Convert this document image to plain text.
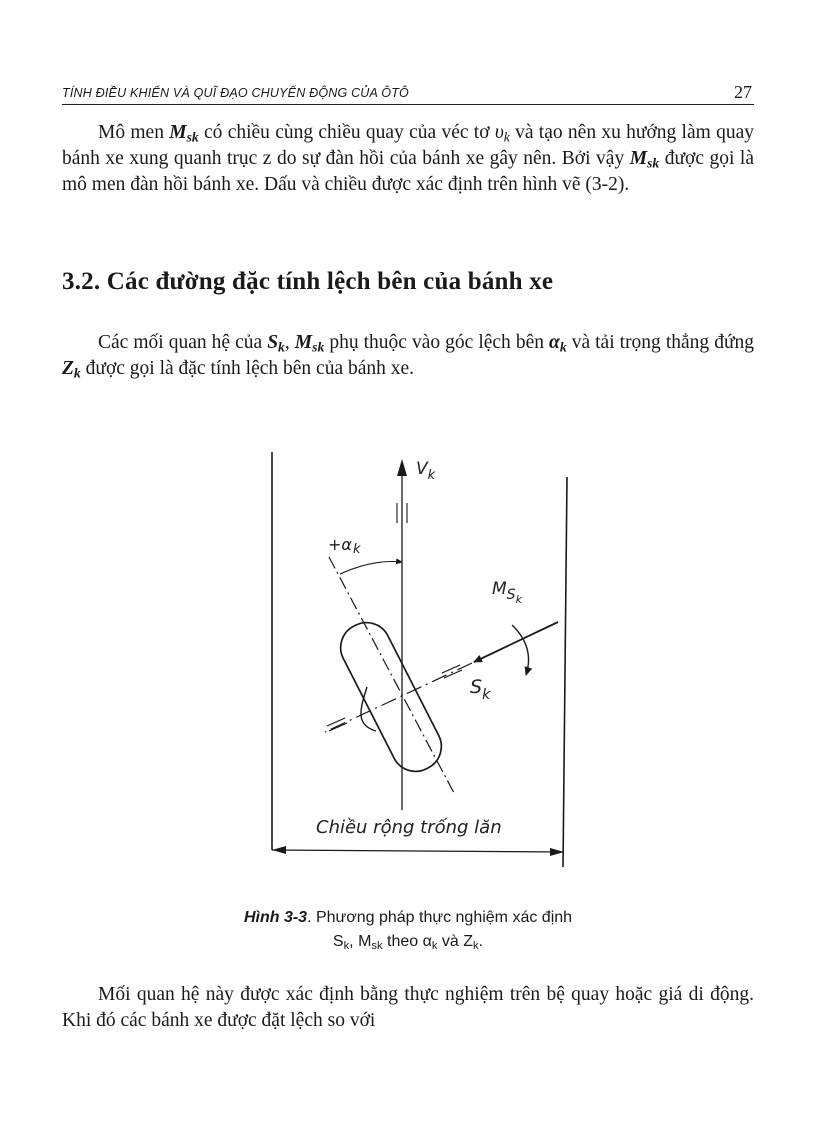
TÍNH ĐIỀU KHIỂN VÀ QUĨ ĐẠO CHUYỂN ĐỘNG CỦA ÔTÔ	27

Mô men $M_{sk}$ có chiều cùng chiều quay của véc tơ $\upsilon_k$ và tạo nên xu hướng làm quay bánh xe xung quanh trục z do sự đàn hồi của bánh xe gây nên. Bởi vậy $M_{sk}$ được gọi là mô men đàn hồi bánh xe. Dấu và chiều được xác định trên hình vẽ (3-2).

3.2. Các đường đặc tính lệch bên của bánh xe

Các mối quan hệ của $S_k$, $M_{sk}$ phụ thuộc vào góc lệch bên $\alpha_k$ và tải trọng thẳng đứng $Z_k$ được gọi là đặc tính lệch bên của bánh xe.

$V_k$
+αk
$M_{Sk}$
$S_k$
Chiều rộng trống lăn
Hình 3-3. Phương pháp thực nghiệm xác định
$S_k$, $M_{sk}$ theo $\alpha_k$ và $Z_k$.

Mối quan hệ này được xác định bằng thực nghiệm trên bệ quay hoặc giá di động. Khi đó các bánh xe được đặt lệch so với
